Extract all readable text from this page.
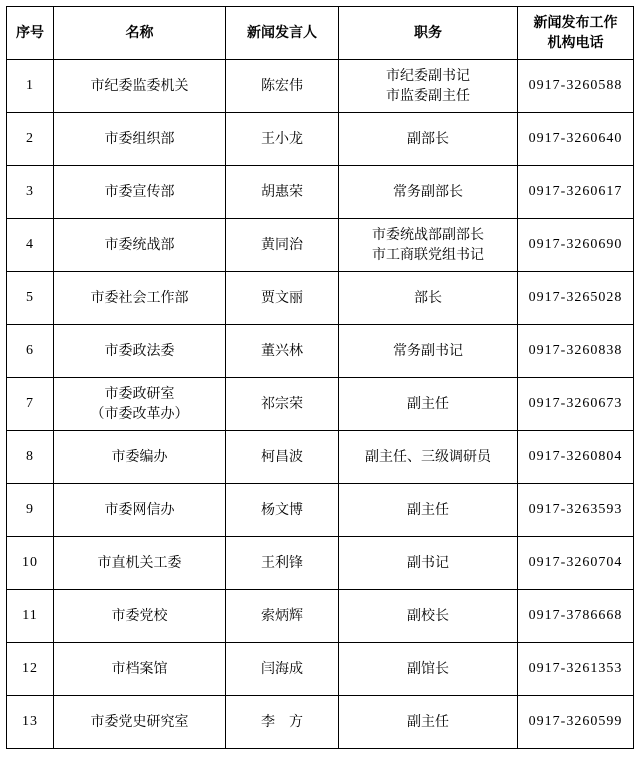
序号	名称	新闻发言人	职务	新闻发布工作
机构电话

1	市纪委监委机关	陈宏伟	市纪委副书记
市监委副主任	0917-3260588

2	市委组织部	王小龙	副部长	0917-3260640

3	市委宣传部	胡惠荣	常务副部长	0917-3260617

4	市委统战部	黄同治	市委统战部副部长
市工商联党组书记	0917-3260690

5	市委社会工作部	贾文丽	部长	0917-3265028

6	市委政法委	董兴林	常务副书记	0917-3260838

7	市委政研室
（市委改革办）	祁宗荣	副主任	0917-3260673

8	市委编办	柯昌波	副主任、三级调研员	0917-3260804

9	市委网信办	杨文博	副主任	0917-3263593

10	市直机关工委	王利锋	副书记	0917-3260704

11	市委党校	索炳辉	副校长	0917-3786668

12	市档案馆	闫海成	副馆长	0917-3261353

13	市委党史研究室	李　方	副主任	0917-3260599
